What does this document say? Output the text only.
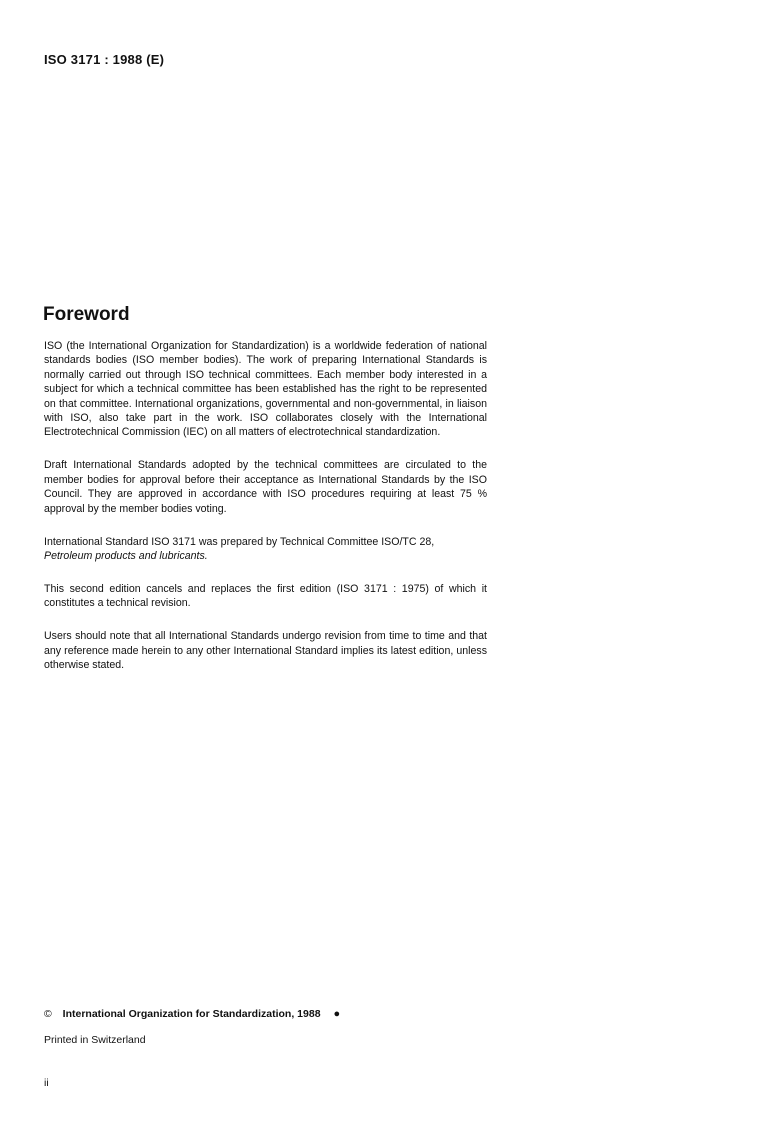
ISO 3171 : 1988 (E)
Foreword

ISO (the International Organization for Standardization) is a worldwide federation of national standards bodies (ISO member bodies). The work of preparing International Standards is normally carried out through ISO technical committees. Each member body interested in a subject for which a technical committee has been established has the right to be represented on that committee. International organizations, governmental and non-governmental, in liaison with ISO, also take part in the work. ISO collaborates closely with the International Electrotechnical Commission (IEC) on all matters of electrotechnical standardization.

Draft International Standards adopted by the technical committees are circulated to the member bodies for approval before their acceptance as International Standards by the ISO Council. They are approved in accordance with ISO procedures requiring at least 75 % approval by the member bodies voting.

International Standard ISO 3171 was prepared by Technical Committee ISO/TC 28,
Petroleum products and lubricants.

This second edition cancels and replaces the first edition (ISO 3171 : 1975) of which it constitutes a technical revision.

Users should note that all International Standards undergo revision from time to time and that any reference made herein to any other International Standard implies its latest edition, unless otherwise stated.

© International Organization for Standardization, 1988 ●
Printed in Switzerland
ii
